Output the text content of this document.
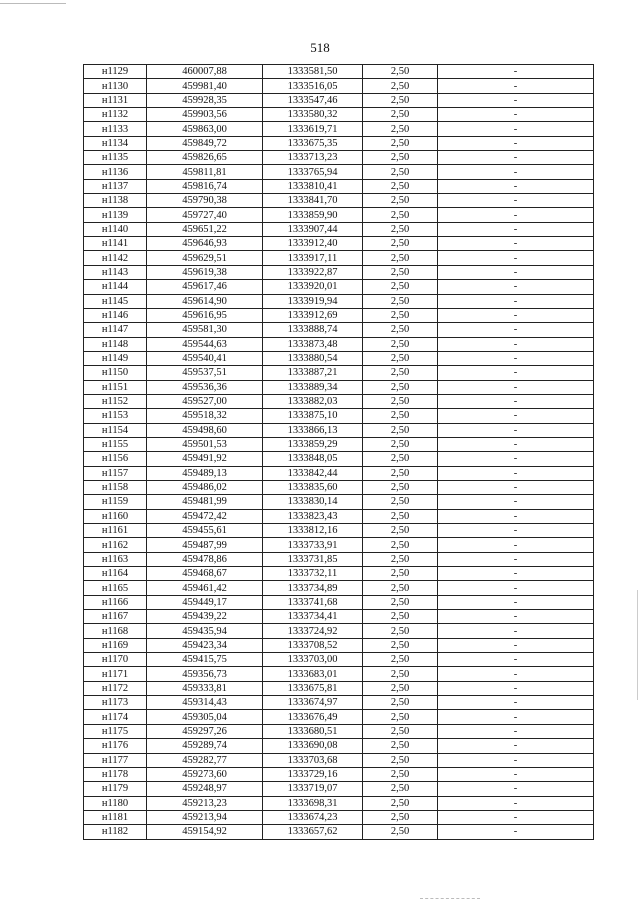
518
н1129	460007,88	1333581,50	2,50	-
н1130	459981,40	1333516,05	2,50	-
н1131	459928,35	1333547,46	2,50	-
н1132	459903,56	1333580,32	2,50	-
н1133	459863,00	1333619,71	2,50	-
н1134	459849,72	1333675,35	2,50	-
н1135	459826,65	1333713,23	2,50	-
н1136	459811,81	1333765,94	2,50	-
н1137	459816,74	1333810,41	2,50	-
н1138	459790,38	1333841,70	2,50	-
н1139	459727,40	1333859,90	2,50	-
н1140	459651,22	1333907,44	2,50	-
н1141	459646,93	1333912,40	2,50	-
н1142	459629,51	1333917,11	2,50	-
н1143	459619,38	1333922,87	2,50	-
н1144	459617,46	1333920,01	2,50	-
н1145	459614,90	1333919,94	2,50	-
н1146	459616,95	1333912,69	2,50	-
н1147	459581,30	1333888,74	2,50	-
н1148	459544,63	1333873,48	2,50	-
н1149	459540,41	1333880,54	2,50	-
н1150	459537,51	1333887,21	2,50	-
н1151	459536,36	1333889,34	2,50	-
н1152	459527,00	1333882,03	2,50	-
н1153	459518,32	1333875,10	2,50	-
н1154	459498,60	1333866,13	2,50	-
н1155	459501,53	1333859,29	2,50	-
н1156	459491,92	1333848,05	2,50	-
н1157	459489,13	1333842,44	2,50	-
н1158	459486,02	1333835,60	2,50	-
н1159	459481,99	1333830,14	2,50	-
н1160	459472,42	1333823,43	2,50	-
н1161	459455,61	1333812,16	2,50	-
н1162	459487,99	1333733,91	2,50	-
н1163	459478,86	1333731,85	2,50	-
н1164	459468,67	1333732,11	2,50	-
н1165	459461,42	1333734,89	2,50	-
н1166	459449,17	1333741,68	2,50	-
н1167	459439,22	1333734,41	2,50	-
н1168	459435,94	1333724,92	2,50	-
н1169	459423,34	1333708,52	2,50	-
н1170	459415,75	1333703,00	2,50	-
н1171	459356,73	1333683,01	2,50	-
н1172	459333,81	1333675,81	2,50	-
н1173	459314,43	1333674,97	2,50	-
н1174	459305,04	1333676,49	2,50	-
н1175	459297,26	1333680,51	2,50	-
н1176	459289,74	1333690,08	2,50	-
н1177	459282,77	1333703,68	2,50	-
н1178	459273,60	1333729,16	2,50	-
н1179	459248,97	1333719,07	2,50	-
н1180	459213,23	1333698,31	2,50	-
н1181	459213,94	1333674,23	2,50	-
н1182	459154,92	1333657,62	2,50	-
